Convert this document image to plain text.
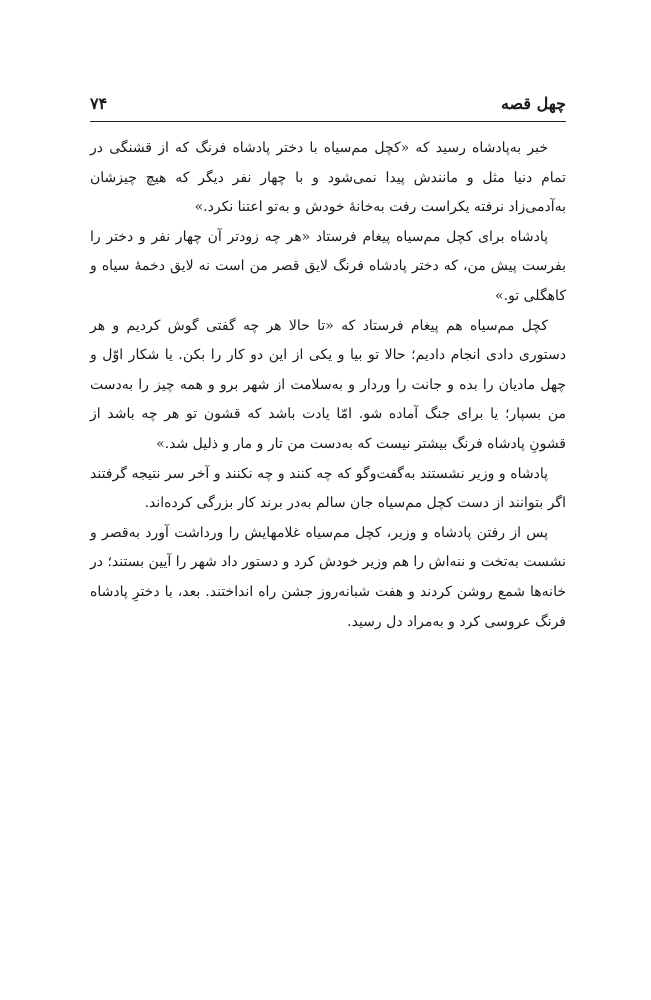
چهل قصه
۷۴

خبر به‌پادشاه رسید که «کچل مم‌سیاه با دختر پادشاه فرنگ که از قشنگی در تمام دنیا مثل و مانندش پیدا نمی‌شود و با چهار نفر دیگر که هیچ چیزشان به‌آدمی‌زاد نرفته یکراست رفت به‌خانهٔ خودش و به‌تو اعتنا نکرد.»

پادشاه برای کچل مم‌سیاه پیغام فرستاد «هر چه زودتر آن چهار نفر و دختر را بفرست پیش من، که دختر پادشاه فرنگ لایق قصر من است نه لایق دخمهٔ سیاه و کاهگلی تو.»

کچل مم‌سیاه هم پیغام فرستاد که «تا حالا هر چه گفتی گوش کردیم و هر دستوری دادی انجام دادیم؛ حالا تو بیا و یکی از این دو کار را بکن. یا شکار اوّل و چهل مادیان را بده و جانت را وردار و به‌سلامت از شهر برو و همه چیز را به‌دست من بسپار؛ یا برای جنگ آماده شو. امّا یادت باشد که قشون تو هر چه باشد از قشونِ پادشاه فرنگ بیشتر نیست که به‌دست من تار و مار و ذلیل شد.»

پادشاه و وزیر نشستند به‌گفت‌وگو که چه کنند و چه نکنند و آخر سر نتیجه گرفتند اگر بتوانند از دست کچل مم‌سیاه جان سالم به‌در برند کار بزرگی کرده‌اند.

پس از رفتن پادشاه و وزیر، کچل مم‌سیاه غلامهایش را ورداشت آورد به‌قصر و نشست به‌تخت و ننه‌اش را هم وزیر خودش کرد و دستور داد شهر را آیین بستند؛ در خانه‌ها شمع روشن کردند و هفت شبانه‌روز جشن راه انداختند. بعد، با دخترِ پادشاه فرنگ عروسی کرد و به‌مراد دل رسید.
